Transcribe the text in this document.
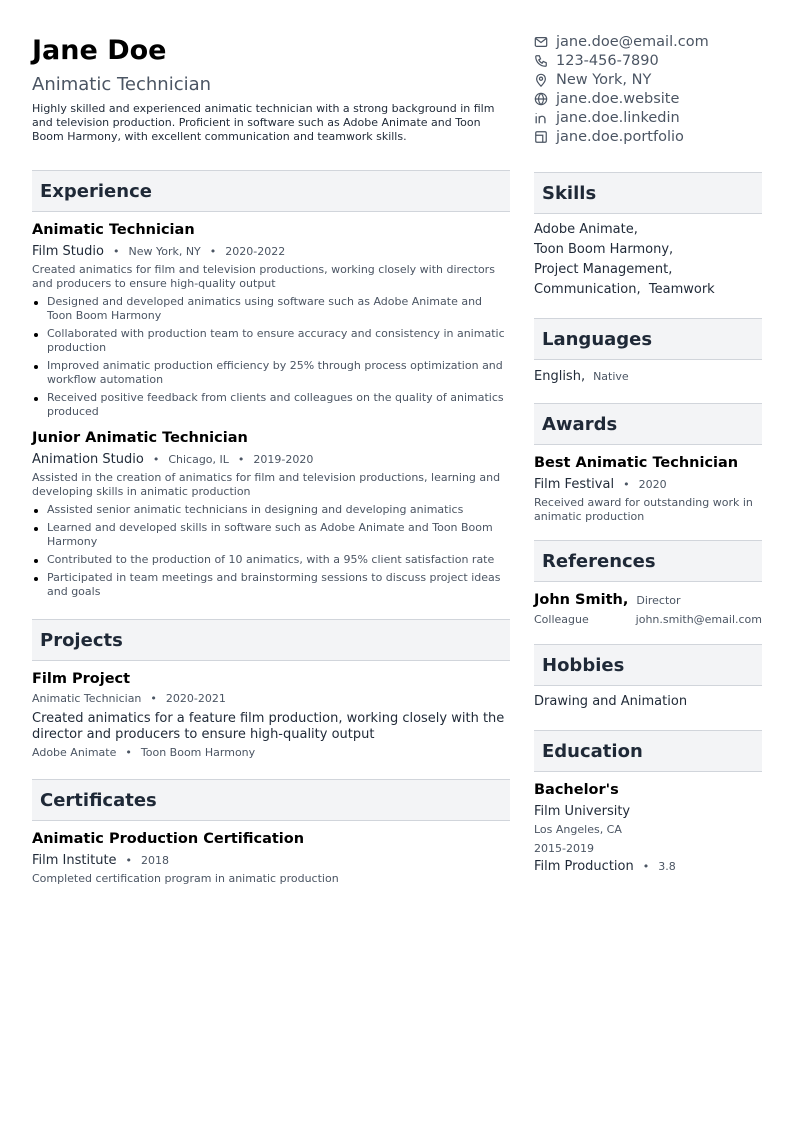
Jane Doe
Animatic Technician
Highly skilled and experienced animatic technician with a strong background in film and television production. Proficient in software such as Adobe Animate and Toon Boom Harmony, with excellent communication and teamwork skills.
Experience
Animatic Technician
Film Studio • New York, NY • 2020-2022
Created animatics for film and television productions, working closely with directors and producers to ensure high-quality output
Designed and developed animatics using software such as Adobe Animate and Toon Boom Harmony
Collaborated with production team to ensure accuracy and consistency in animatic production
Improved animatic production efficiency by 25% through process optimization and workflow automation
Received positive feedback from clients and colleagues on the quality of animatics produced
Junior Animatic Technician
Animation Studio • Chicago, IL • 2019-2020
Assisted in the creation of animatics for film and television productions, learning and developing skills in animatic production
Assisted senior animatic technicians in designing and developing animatics
Learned and developed skills in software such as Adobe Animate and Toon Boom Harmony
Contributed to the production of 10 animatics, with a 95% client satisfaction rate
Participated in team meetings and brainstorming sessions to discuss project ideas and goals
Projects
Film Project
Animatic Technician • 2020-2021
Created animatics for a feature film production, working closely with the director and producers to ensure high-quality output
Adobe Animate • Toon Boom Harmony
Certificates
Animatic Production Certification
Film Institute • 2018
Completed certification program in animatic production
jane.doe@email.com
123-456-7890
New York, NY
jane.doe.website
jane.doe.linkedin
jane.doe.portfolio
Skills
Adobe Animate,
Toon Boom Harmony,
Project Management,
Communication, Teamwork
Languages
English, Native
Awards
Best Animatic Technician
Film Festival • 2020
Received award for outstanding work in animatic production
References
John Smith, Director
Colleague	john.smith@email.com
Hobbies
Drawing and Animation
Education
Bachelor's
Film University
Los Angeles, CA
2015-2019
Film Production • 3.8
